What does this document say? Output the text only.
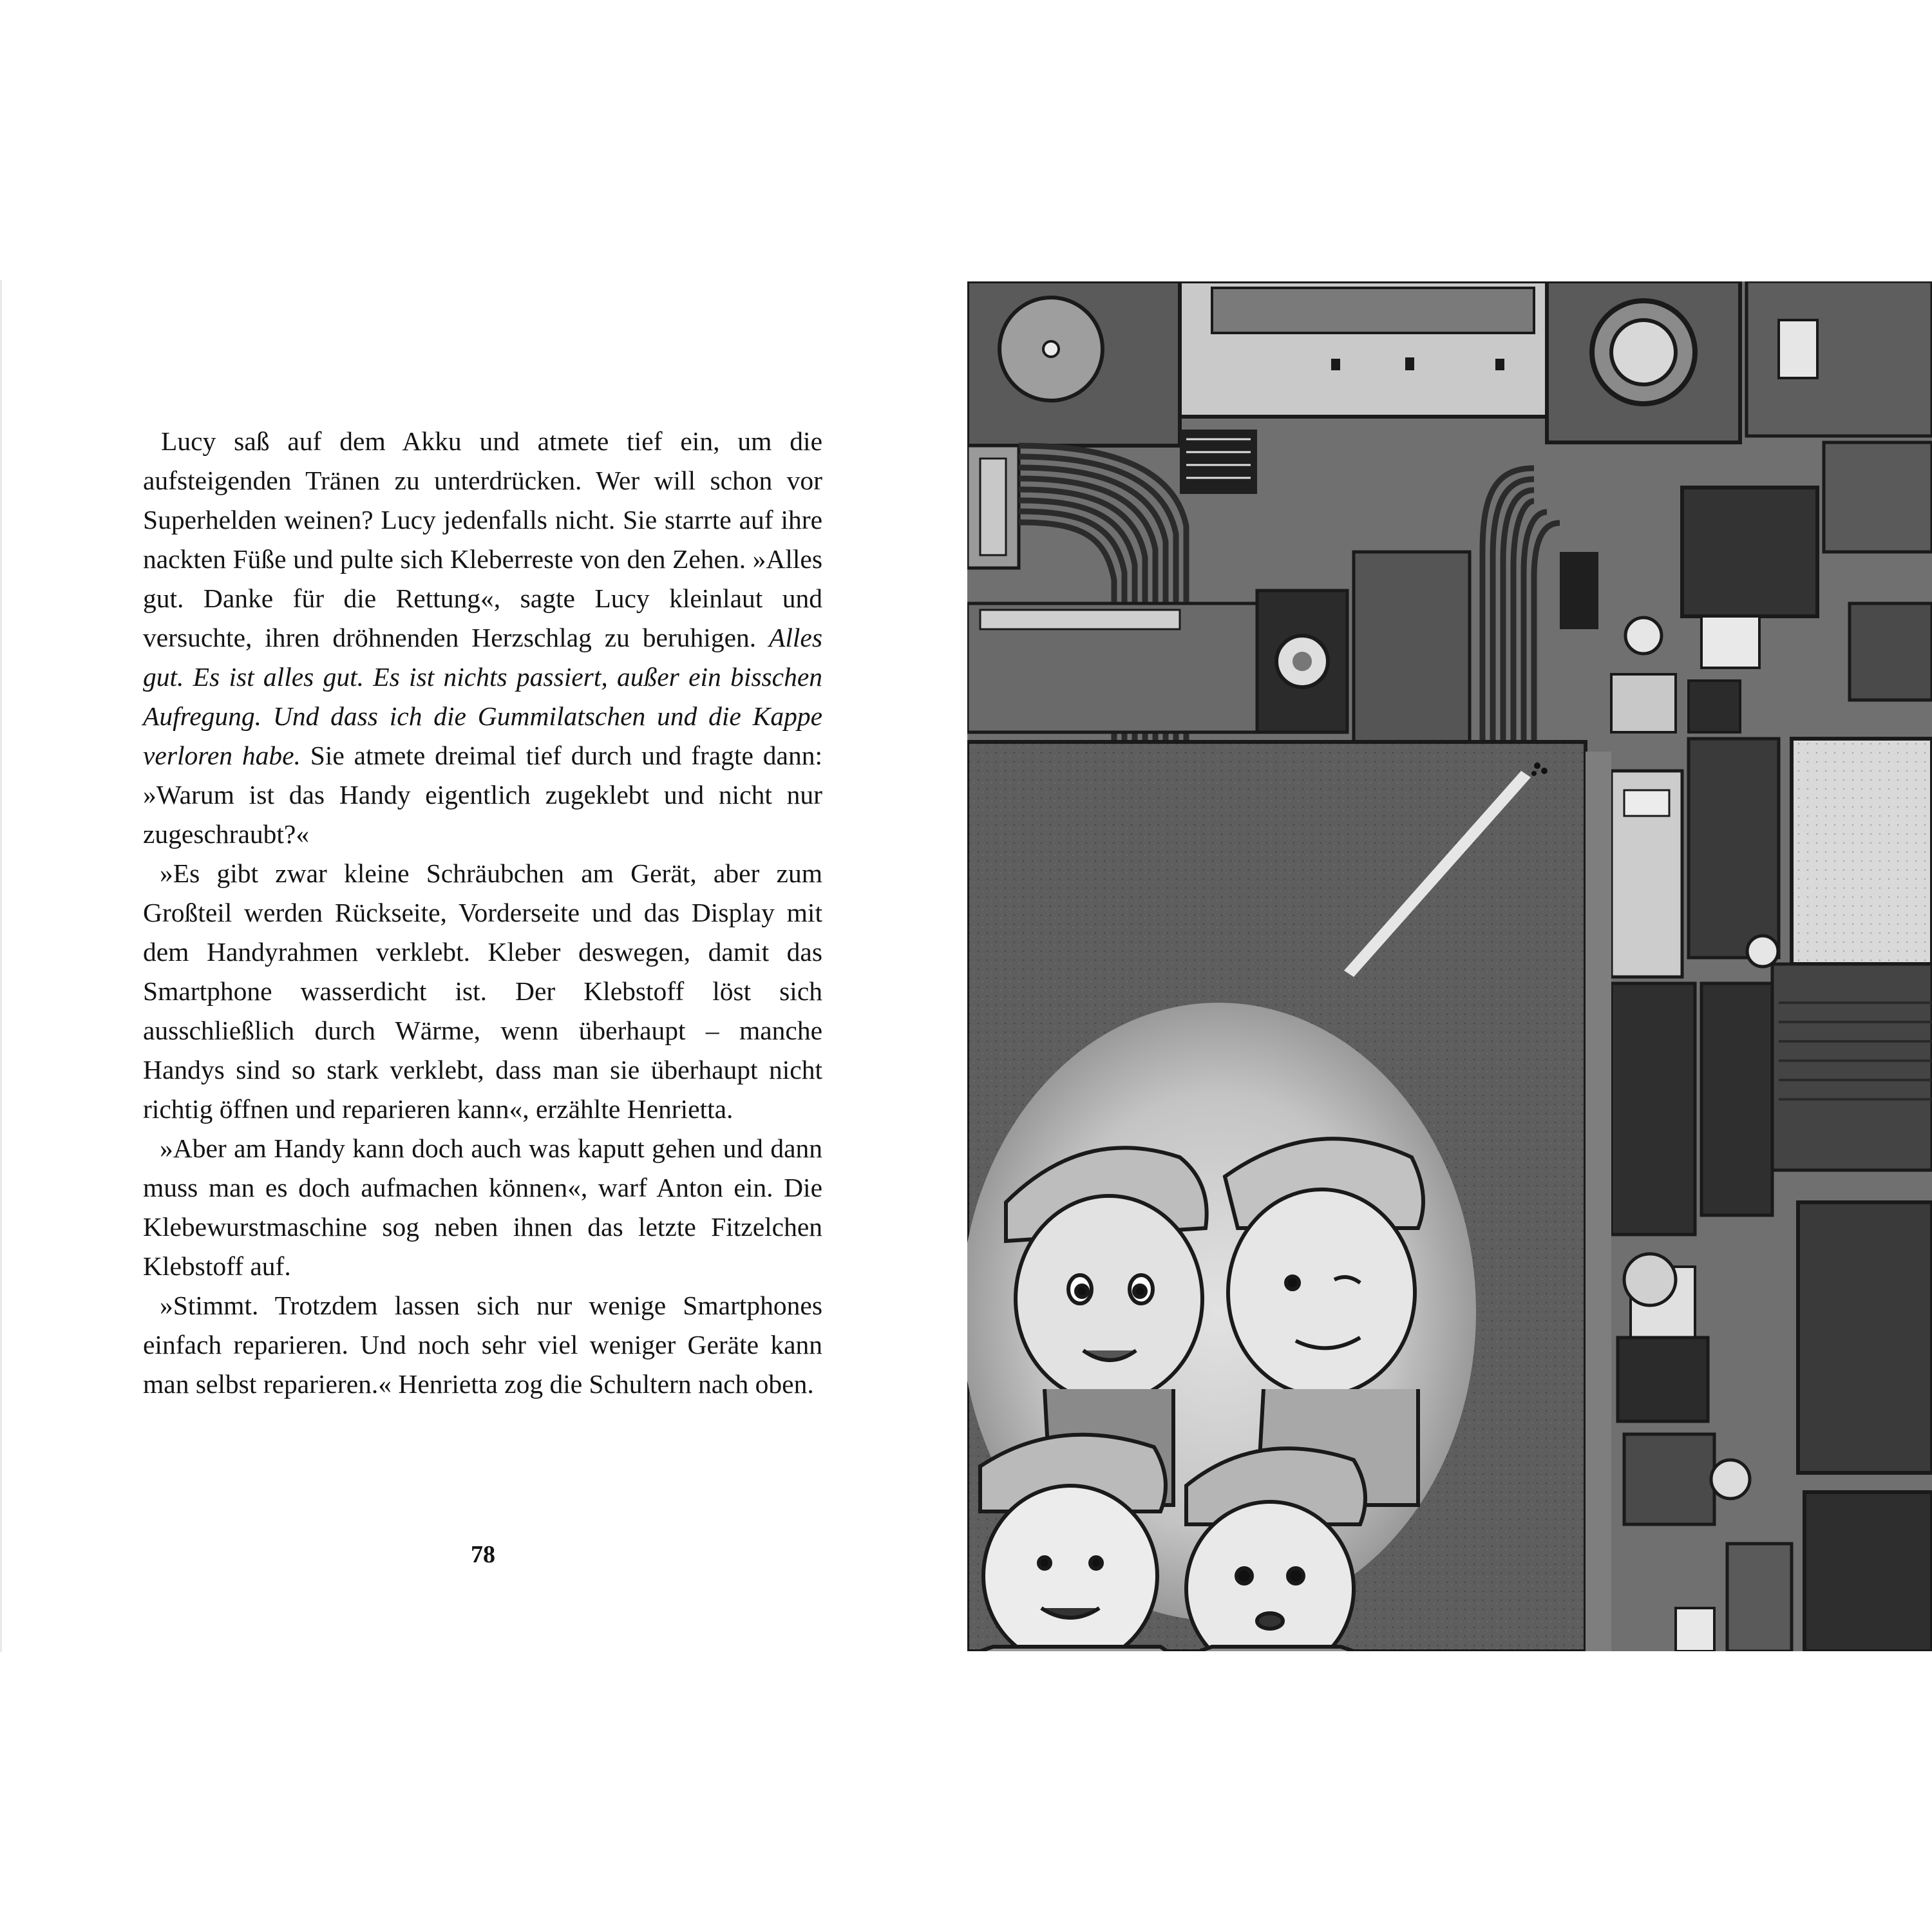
Lucy saß auf dem Akku und atmete tief ein, um die aufsteigenden Tränen zu unterdrücken. Wer will schon vor Superhelden weinen? Lucy jedenfalls nicht. Sie starrte auf ihre nackten Füße und pulte sich Kleberreste von den Zehen. »Alles gut. Danke für die Rettung«, sagte Lucy kleinlaut und versuchte, ihren dröhnenden Herzschlag zu beruhigen. Alles gut. Es ist alles gut. Es ist nichts passiert, außer ein bisschen Aufregung. Und dass ich die Gummilatschen und die Kappe verloren habe. Sie atmete dreimal tief durch und fragte dann: »Warum ist das Handy eigentlich zugeklebt und nicht nur zugeschraubt?«

»Es gibt zwar kleine Schräubchen am Gerät, aber zum Großteil werden Rückseite, Vorderseite und das Display mit dem Handyrahmen verklebt. Kleber deswegen, damit das Smartphone wasserdicht ist. Der Klebstoff löst sich ausschließlich durch Wärme, wenn überhaupt – manche Handys sind so stark verklebt, dass man sie überhaupt nicht richtig öffnen und reparieren kann«, erzählte Henrietta.

»Aber am Handy kann doch auch was kaputt gehen und dann muss man es doch aufmachen können«, warf Anton ein. Die Klebewurstmaschine sog neben ihnen das letzte Fitzelchen Klebstoff auf.

»Stimmt. Trotzdem lassen sich nur wenige Smartphones einfach reparieren. Und noch sehr viel weniger Geräte kann man selbst reparieren.« Henrietta zog die Schultern nach oben.

78
